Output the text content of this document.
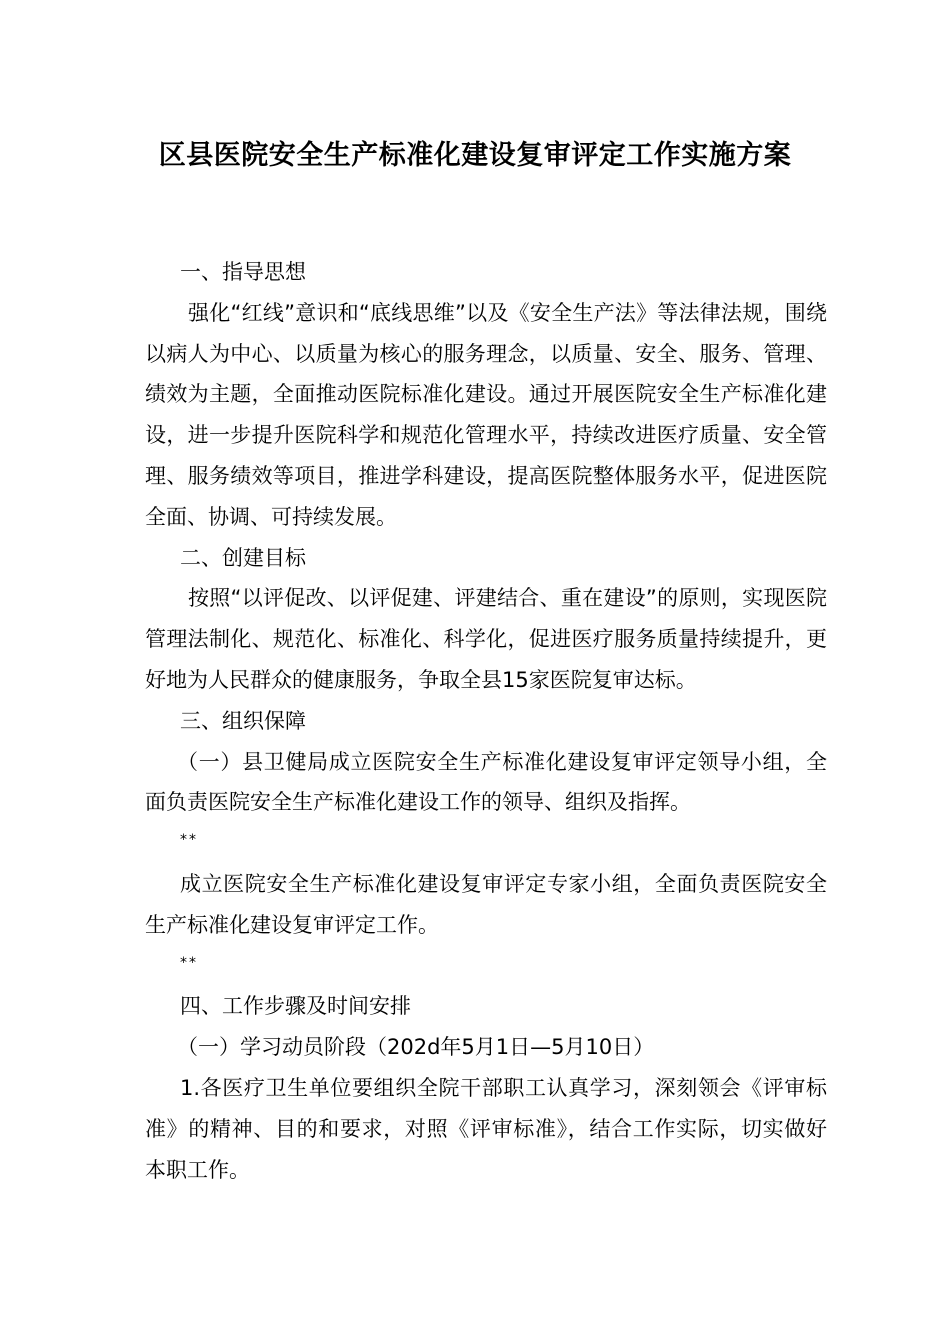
区县医院安全生产标准化建设复审评定工作实施方案

一、指导思想

强化“红线”意识和“底线思维”以及《安全生产法》等法律法规，围绕以病人为中心、以质量为核心的服务理念，以质量、安全、服务、管理、绩效为主题，全面推动医院标准化建设。通过开展医院安全生产标准化建设，进一步提升医院科学和规范化管理水平，持续改进医疗质量、安全管理、服务绩效等项目，推进学科建设，提高医院整体服务水平，促进医院全面、协调、可持续发展。

二、创建目标

按照“以评促改、以评促建、评建结合、重在建设”的原则，实现医院管理法制化、规范化、标准化、科学化，促进医疗服务质量持续提升，更好地为人民群众的健康服务，争取全县15家医院复审达标。

三、组织保障

（一）县卫健局成立医院安全生产标准化建设复审评定领导小组，全面负责医院安全生产标准化建设工作的领导、组织及指挥。

**

成立医院安全生产标准化建设复审评定专家小组，全面负责医院安全生产标准化建设复审评定工作。

**

四、工作步骤及时间安排

（一）学习动员阶段（202d年5月1日—5月10日）

1.各医疗卫生单位要组织全院干部职工认真学习，深刻领会《评审标准》的精神、目的和要求，对照《评审标准》，结合工作实际，切实做好本职工作。
